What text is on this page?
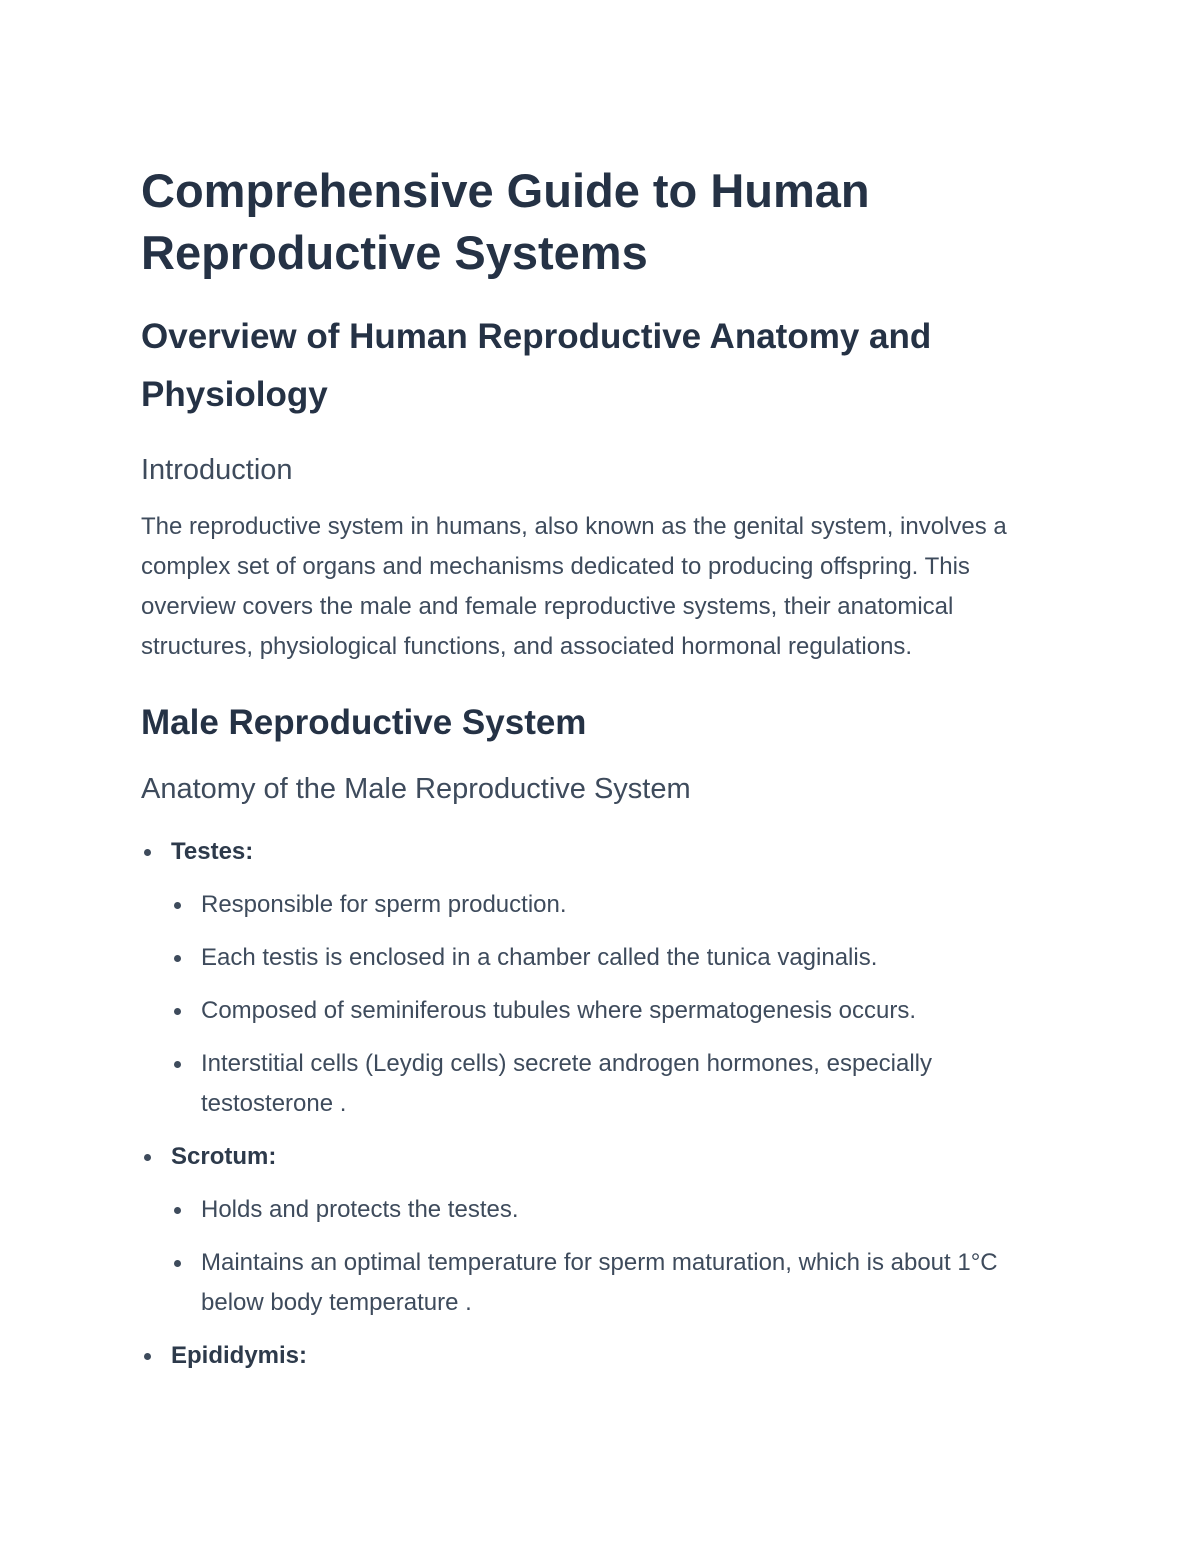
Comprehensive Guide to Human Reproductive Systems
Overview of Human Reproductive Anatomy and Physiology
Introduction

The reproductive system in humans, also known as the genital system, involves a complex set of organs and mechanisms dedicated to producing offspring. This overview covers the male and female reproductive systems, their anatomical structures, physiological functions, and associated hormonal regulations.

Male Reproductive System
Anatomy of the Male Reproductive System
Testes:
Responsible for sperm production.
Each testis is enclosed in a chamber called the tunica vaginalis.
Composed of seminiferous tubules where spermatogenesis occurs.
Interstitial cells (Leydig cells) secrete androgen hormones, especially testosterone .
Scrotum:
Holds and protects the testes.
Maintains an optimal temperature for sperm maturation, which is about 1°C below body temperature .
Epididymis:
